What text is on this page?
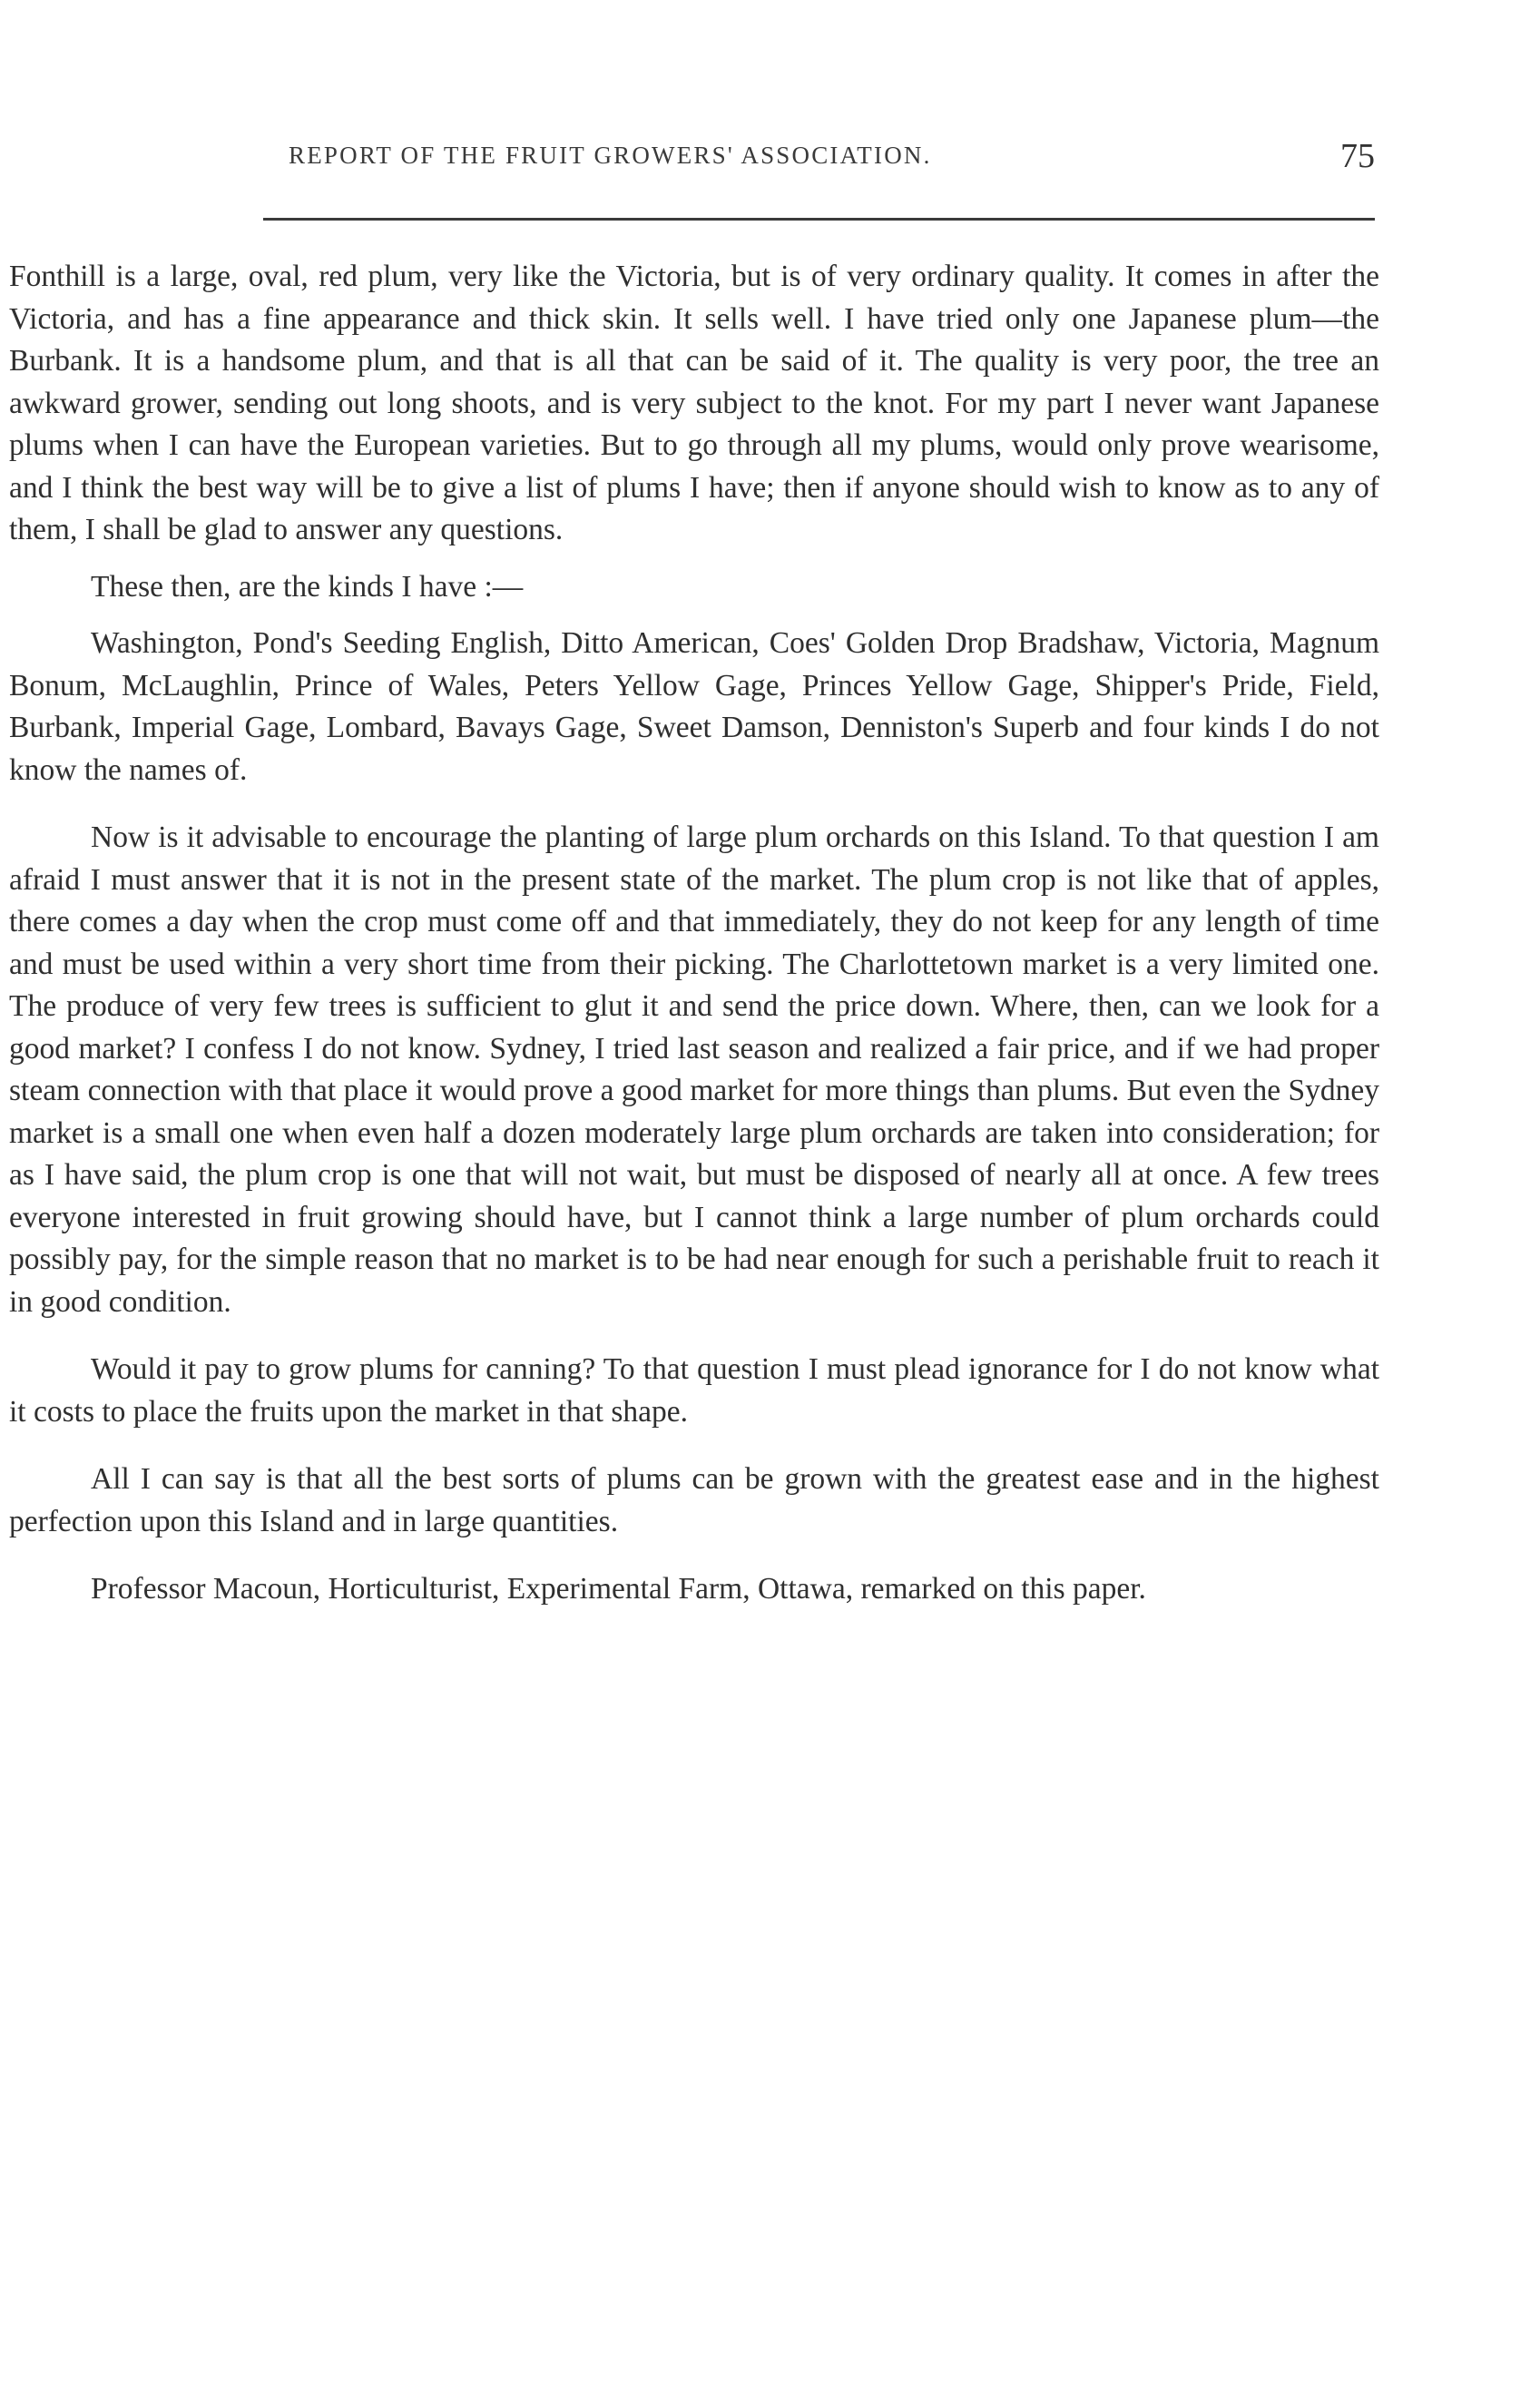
REPORT OF THE FRUIT GROWERS' ASSOCIATION.	75

Fonthill is a large, oval, red plum, very like the Victoria, but is of very ordinary quality. It comes in after the Victoria, and has a fine appearance and thick skin. It sells well. I have tried only one Japanese plum—the Burbank. It is a handsome plum, and that is all that can be said of it. The quality is very poor, the tree an awkward grower, sending out long shoots, and is very subject to the knot. For my part I never want Japanese plums when I can have the European varieties. But to go through all my plums, would only prove wearisome, and I think the best way will be to give a list of plums I have; then if anyone should wish to know as to any of them, I shall be glad to answer any questions.

These then, are the kinds I have :—

Washington, Pond's Seeding English, Ditto American, Coes' Golden Drop Bradshaw, Victoria, Magnum Bonum, McLaughlin, Prince of Wales, Peters Yellow Gage, Princes Yellow Gage, Shipper's Pride, Field, Burbank, Imperial Gage, Lombard, Bavays Gage, Sweet Damson, Denniston's Superb and four kinds I do not know the names of.

Now is it advisable to encourage the planting of large plum orchards on this Island. To that question I am afraid I must answer that it is not in the present state of the market. The plum crop is not like that of apples, there comes a day when the crop must come off and that immediately, they do not keep for any length of time and must be used within a very short time from their picking. The Charlottetown market is a very limited one. The produce of very few trees is sufficient to glut it and send the price down. Where, then, can we look for a good market? I confess I do not know. Sydney, I tried last season and realized a fair price, and if we had proper steam connection with that place it would prove a good market for more things than plums. But even the Sydney market is a small one when even half a dozen moderately large plum orchards are taken into consideration; for as I have said, the plum crop is one that will not wait, but must be disposed of nearly all at once. A few trees everyone interested in fruit growing should have, but I cannot think a large number of plum orchards could possibly pay, for the simple reason that no market is to be had near enough for such a perishable fruit to reach it in good condition.

Would it pay to grow plums for canning? To that question I must plead ignorance for I do not know what it costs to place the fruits upon the market in that shape.

All I can say is that all the best sorts of plums can be grown with the greatest ease and in the highest perfection upon this Island and in large quantities.

Professor Macoun, Horticulturist, Experimental Farm, Ottawa, remarked on this paper.
